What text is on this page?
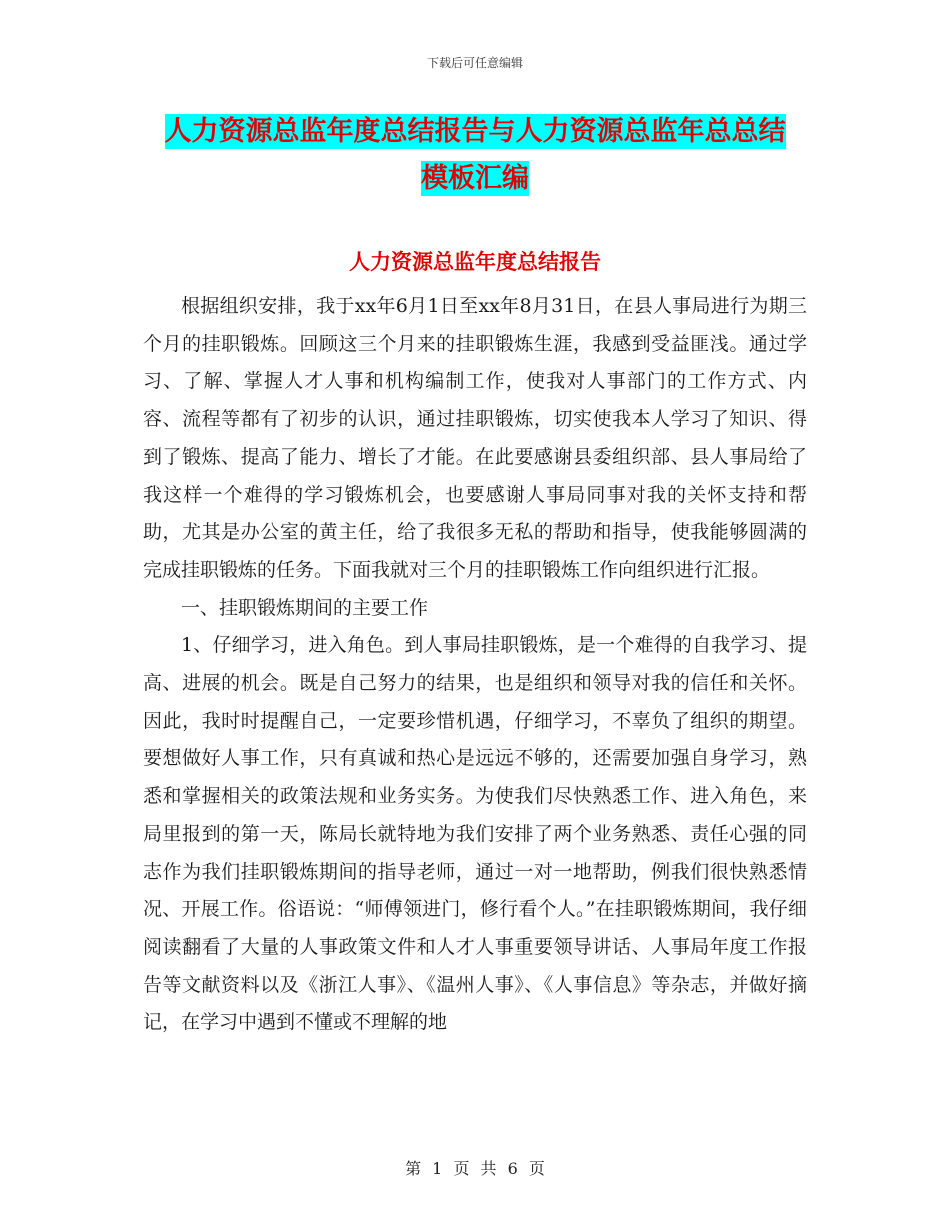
下载后可任意编辑
人力资源总监年度总结报告与人力资源总监年总总结
模板汇编
人力资源总监年度总结报告

根据组织安排，我于xx年6月1日至xx年8月31日，在县人事局进行为期三个月的挂职锻炼。回顾这三个月来的挂职锻炼生涯，我感到受益匪浅。通过学习、了解、掌握人才人事和机构编制工作，使我对人事部门的工作方式、内容、流程等都有了初步的认识，通过挂职锻炼，切实使我本人学习了知识、得到了锻炼、提高了能力、增长了才能。在此要感谢县委组织部、县人事局给了我这样一个难得的学习锻炼机会，也要感谢人事局同事对我的关怀支持和帮助，尤其是办公室的黄主任，给了我很多无私的帮助和指导，使我能够圆满的完成挂职锻炼的任务。下面我就对三个月的挂职锻炼工作向组织进行汇报。

一、挂职锻炼期间的主要工作

1、仔细学习，进入角色。到人事局挂职锻炼，是一个难得的自我学习、提高、进展的机会。既是自己努力的结果，也是组织和领导对我的信任和关怀。因此，我时时提醒自己，一定要珍惜机遇，仔细学习，不辜负了组织的期望。要想做好人事工作，只有真诚和热心是远远不够的，还需要加强自身学习，熟悉和掌握相关的政策法规和业务实务。为使我们尽快熟悉工作、进入角色，来局里报到的第一天，陈局长就特地为我们安排了两个业务熟悉、责任心强的同志作为我们挂职锻炼期间的指导老师，通过一对一地帮助，例我们很快熟悉情况、开展工作。俗语说：“师傅领进门，修行看个人。”在挂职锻炼期间，我仔细阅读翻看了大量的人事政策文件和人才人事重要领导讲话、人事局年度工作报告等文献资料以及《浙江人事》、《温州人事》、《人事信息》等杂志，并做好摘记，在学习中遇到不懂或不理解的地

第 1 页 共 6 页
